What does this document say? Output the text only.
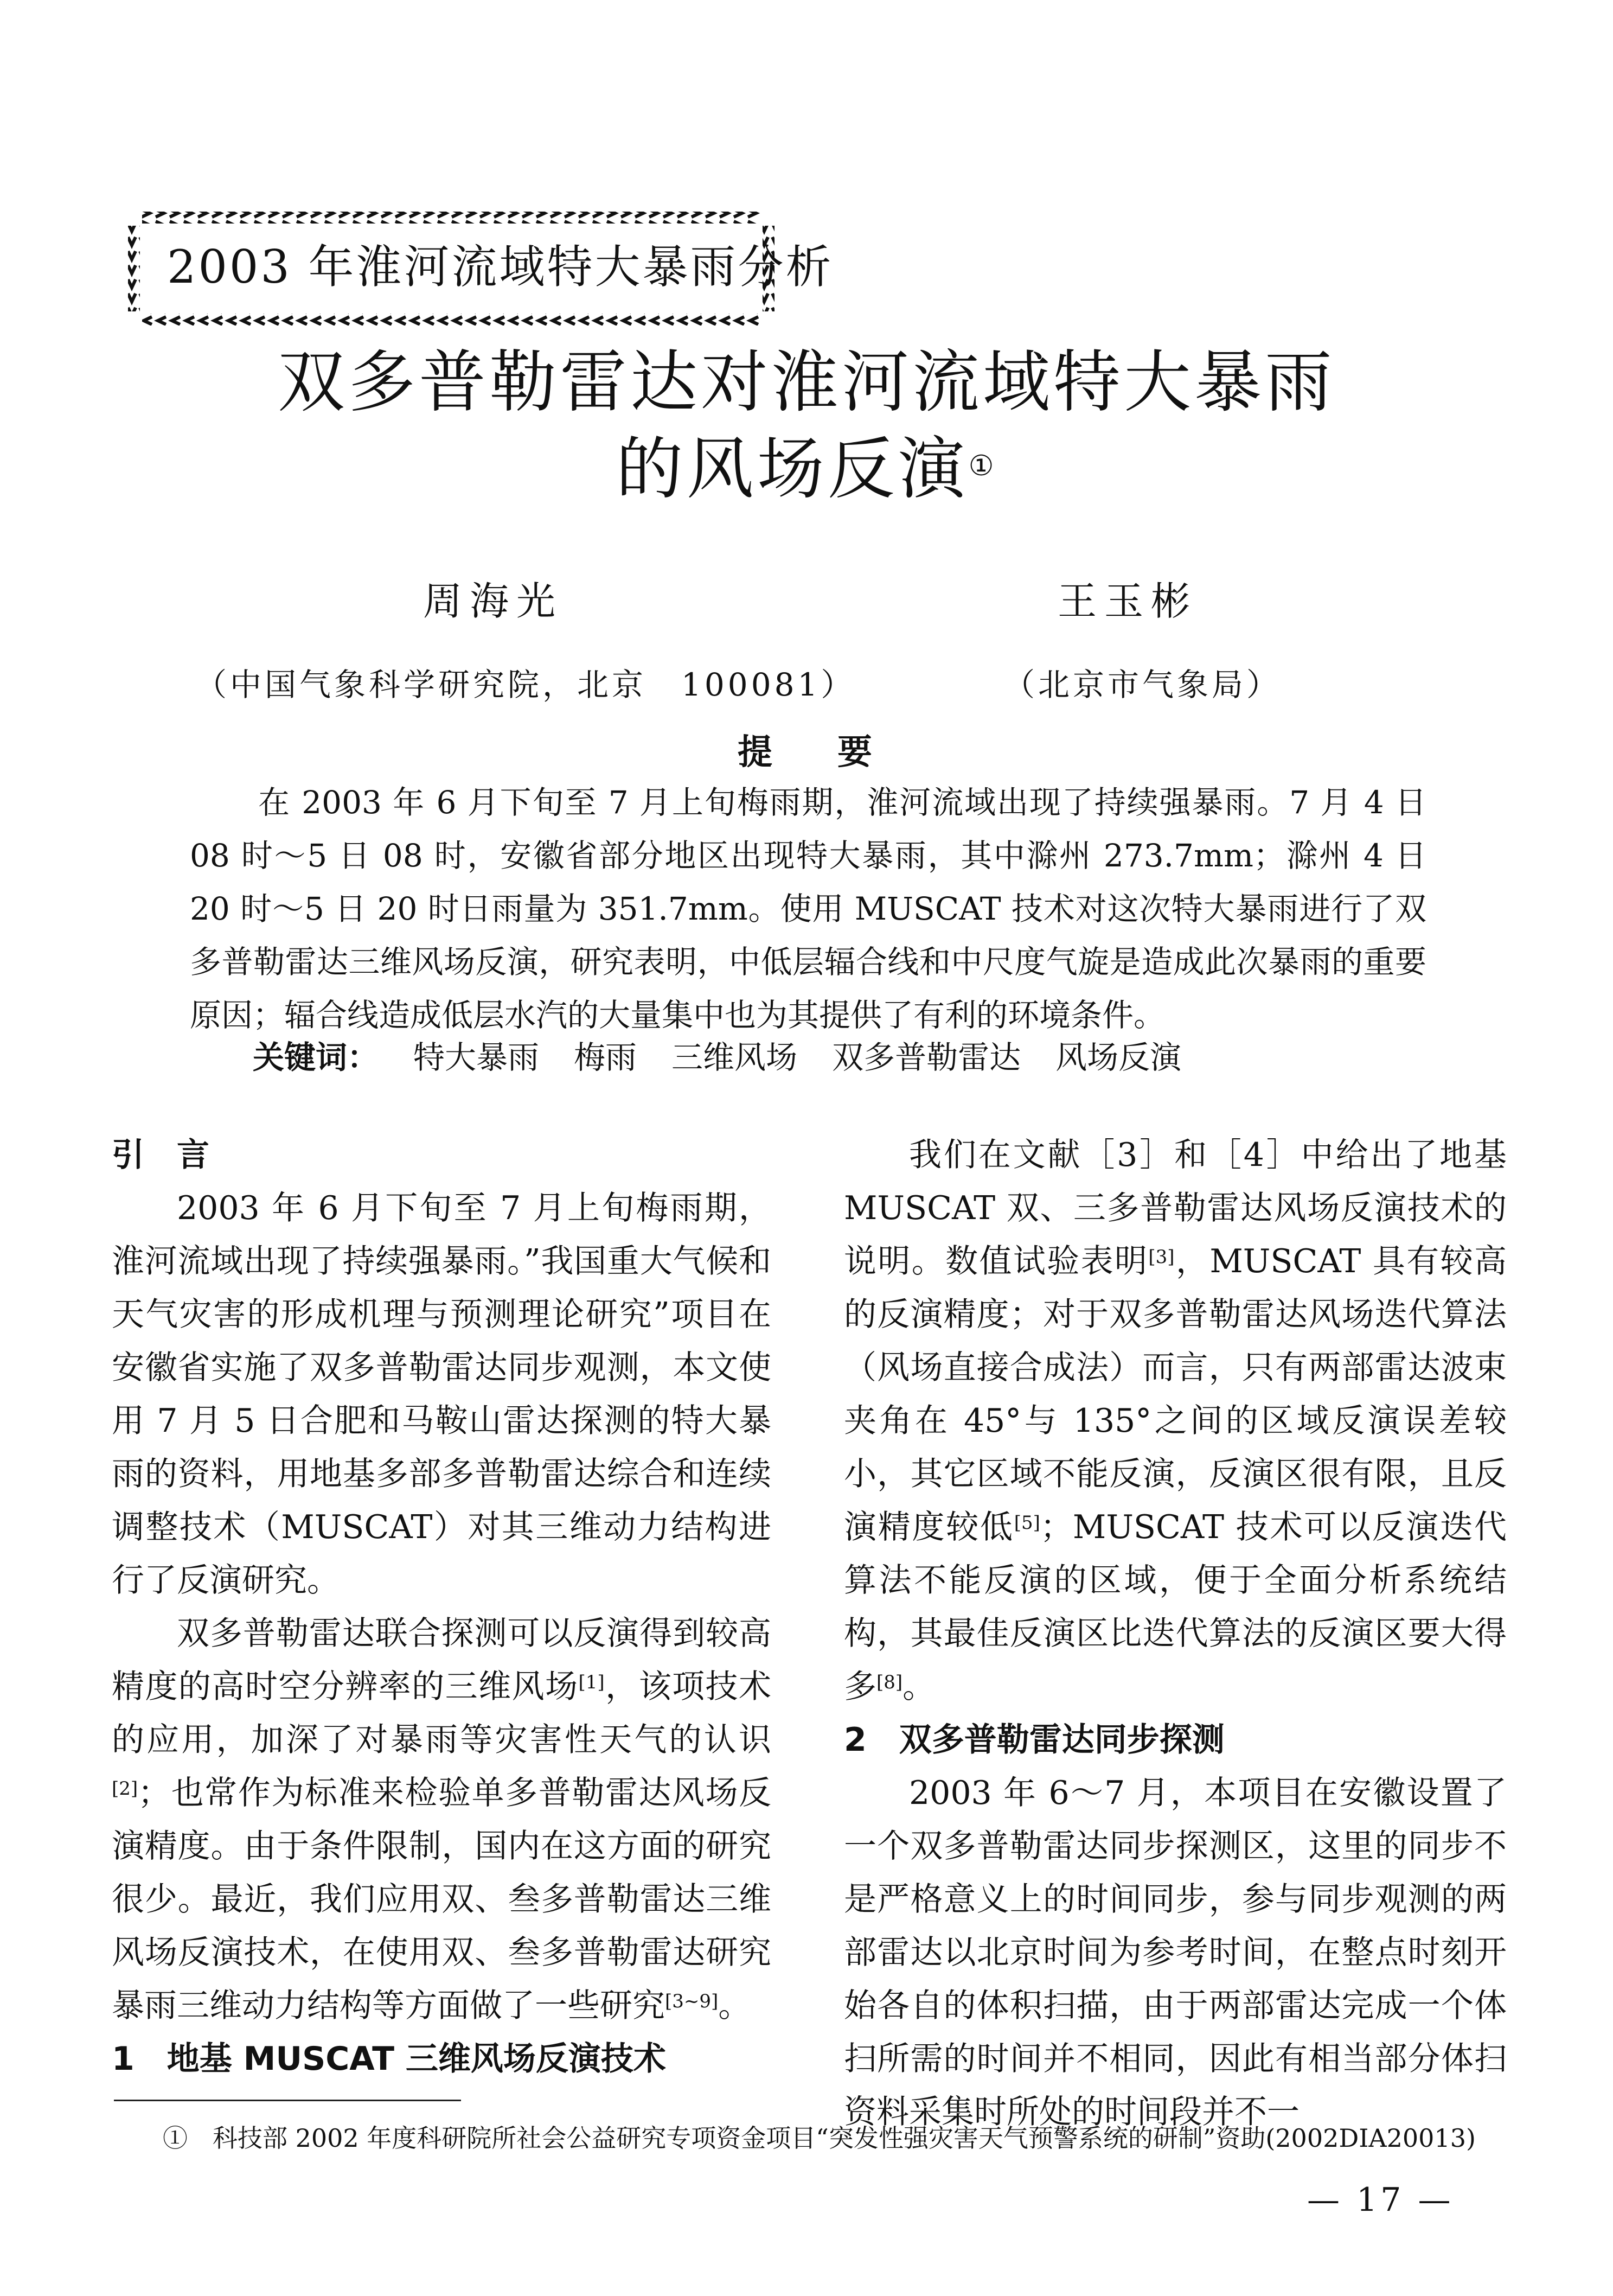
2003 年淮河流域特大暴雨分析
双多普勒雷达对淮河流域特大暴雨
的风场反演①
周海光	王玉彬
（中国气象科学研究院，北京　100081）	（北京市气象局）
提要

在 2003 年 6 月下旬至 7 月上旬梅雨期，淮河流域出现了持续强暴雨。7 月 4 日 08 时～5 日 08 时，安徽省部分地区出现特大暴雨，其中滁州 273.7mm；滁州 4 日 20 时～5 日 20 时日雨量为 351.7mm。使用 MUSCAT 技术对这次特大暴雨进行了双多普勒雷达三维风场反演，研究表明，中低层辐合线和中尺度气旋是造成此次暴雨的重要原因；辐合线造成低层水汽的大量集中也为其提供了有利的环境条件。

关键词： 特大暴雨 梅雨 三维风场 双多普勒雷达 风场反演

引　言

2003 年 6 月下旬至 7 月上旬梅雨期，淮河流域出现了持续强暴雨。”我国重大气候和天气灾害的形成机理与预测理论研究”项目在安徽省实施了双多普勒雷达同步观测，本文使用 7 月 5 日合肥和马鞍山雷达探测的特大暴雨的资料，用地基多部多普勒雷达综合和连续调整技术（MUSCAT）对其三维动力结构进行了反演研究。

双多普勒雷达联合探测可以反演得到较高精度的高时空分辨率的三维风场[1]，该项技术的应用，加深了对暴雨等灾害性天气的认识[2]；也常作为标准来检验单多普勒雷达风场反演精度。由于条件限制，国内在这方面的研究很少。最近，我们应用双、叁多普勒雷达三维风场反演技术，在使用双、叁多普勒雷达研究暴雨三维动力结构等方面做了一些研究[3~9]。

1　地基 MUSCAT 三维风场反演技术

我们在文献［3］和［4］中给出了地基 MUSCAT 双、三多普勒雷达风场反演技术的说明。数值试验表明[3]，MUSCAT 具有较高的反演精度；对于双多普勒雷达风场迭代算法（风场直接合成法）而言，只有两部雷达波束夹角在 45°与 135°之间的区域反演误差较小，其它区域不能反演，反演区很有限，且反演精度较低[5]；MUSCAT 技术可以反演迭代算法不能反演的区域，便于全面分析系统结构，其最佳反演区比迭代算法的反演区要大得多[8]。

2　双多普勒雷达同步探测

2003 年 6～7 月，本项目在安徽设置了一个双多普勒雷达同步探测区，这里的同步不是严格意义上的时间同步，参与同步观测的两部雷达以北京时间为参考时间，在整点时刻开始各自的体积扫描，由于两部雷达完成一个体扫所需的时间并不相同，因此有相当部分体扫资料采集时所处的时间段并不一

①　科技部 2002 年度科研院所社会公益研究专项资金项目“突发性强灾害天气预警系统的研制”资助(2002DIA20013)
— 17 —
